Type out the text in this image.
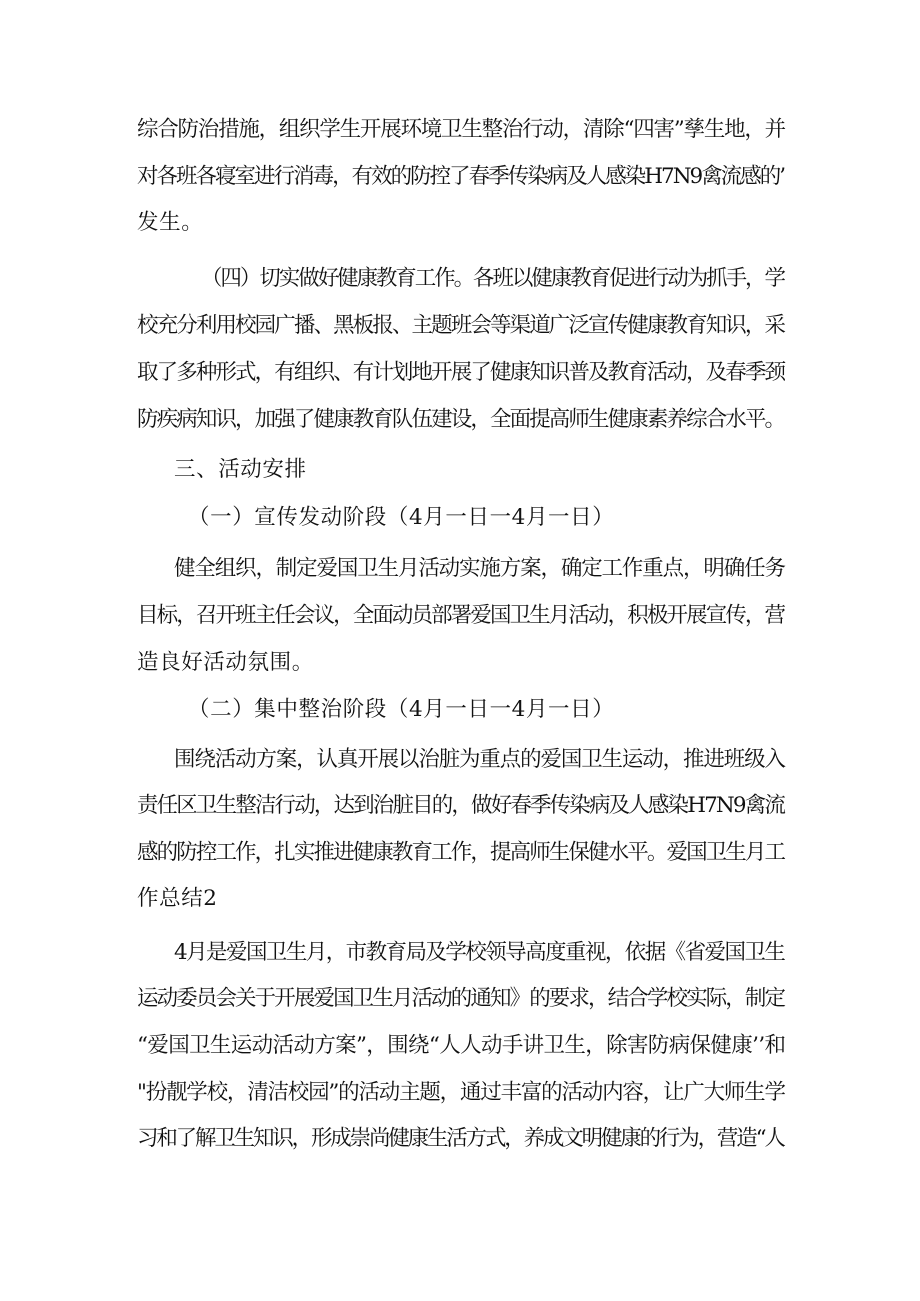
综合防治措施，组织学生开展环境卫生整治行动，清除“四害”孳生地，并
对各班各寝室进行消毒，有效的防控了春季传染病及人感染H7N9禽流感的’
发生。
（四）切实做好健康教育工作。各班以健康教育促进行动为抓手，学
校充分利用校园广播、黑板报、主题班会等渠道广泛宣传健康教育知识，采
取了多种形式，有组织、有计划地开展了健康知识普及教育活动，及春季颈
防疾病知识，加强了健康教育队伍建设，全面提高师生健康素养综合水平。
三、活动安排
（一）宣传发动阶段（4月一日一4月一日）
健全组织，制定爱国卫生月活动实施方案，确定工作重点，明确任务
目标，召开班主任会议，全面动员部署爱国卫生月活动，积极开展宣传，营
造良好活动氛围。
（二）集中整治阶段（4月一日一4月一日）
围绕活动方案，认真开展以治脏为重点的爱国卫生运动，推进班级入
责任区卫生整洁行动，达到治脏目的，做好春季传染病及人感染H7N9禽流
感的防控工作，扎实推进健康教育工作，提高师生保健水平。爱国卫生月工
作总结2
4月是爱国卫生月，市教育局及学校领导高度重视，依据《省爱国卫生
运动委员会关于开展爱国卫生月活动的通知》的要求，结合学校实际，制定
“爱国卫生运动活动方案”，围绕“人人动手讲卫生，除害防病保健康’’和
"扮靓学校，清洁校园”的活动主题，通过丰富的活动内容，让广大师生学
习和了解卫生知识，形成崇尚健康生活方式，养成文明健康的行为，营造“人
